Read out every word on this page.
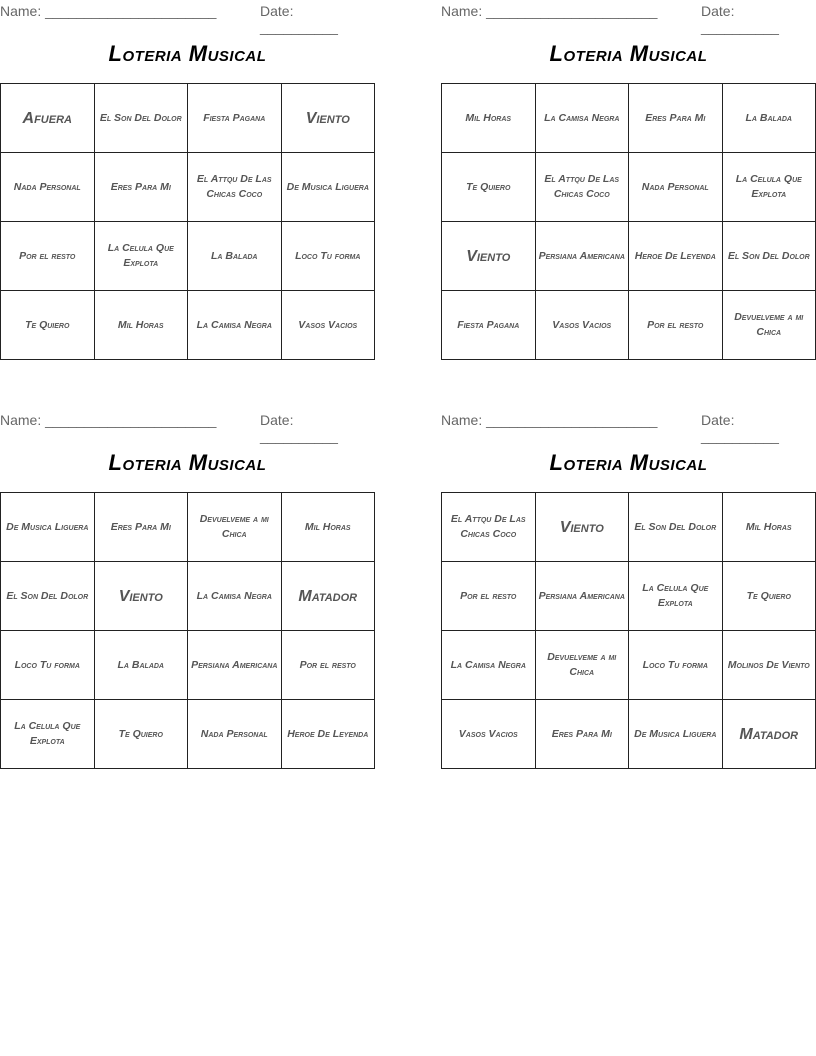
Name: ______________________	Date: __________
Loteria Musical
Afuera	El Son Del Dolor	Fiesta Pagana	Viento
Nada Personal	Eres Para Mi	El Attqu De Las Chicas Coco	De Musica Liguera
Por el resto	La Celula Que Explota	La Balada	Loco Tu forma
Te Quiero	Mil Horas	La Camisa Negra	Vasos Vacios
Name: ______________________	Date: __________
Loteria Musical
Mil Horas	La Camisa Negra	Eres Para Mi	La Balada
Te Quiero	El Attqu De Las Chicas Coco	Nada Personal	La Celula Que Explota
Viento	Persiana Americana	Heroe De Leyenda	El Son Del Dolor
Fiesta Pagana	Vasos Vacios	Por el resto	Devuelveme a mi Chica
Name: ______________________	Date: __________
Loteria Musical
De Musica Liguera	Eres Para Mi	Devuelveme a mi Chica	Mil Horas
El Son Del Dolor	Viento	La Camisa Negra	Matador
Loco Tu forma	La Balada	Persiana Americana	Por el resto
La Celula Que Explota	Te Quiero	Nada Personal	Heroe De Leyenda
Name: ______________________	Date: __________
Loteria Musical
El Attqu De Las Chicas Coco	Viento	El Son Del Dolor	Mil Horas
Por el resto	Persiana Americana	La Celula Que Explota	Te Quiero
La Camisa Negra	Devuelveme a mi Chica	Loco Tu forma	Molinos De Viento
Vasos Vacios	Eres Para Mi	De Musica Liguera	Matador
